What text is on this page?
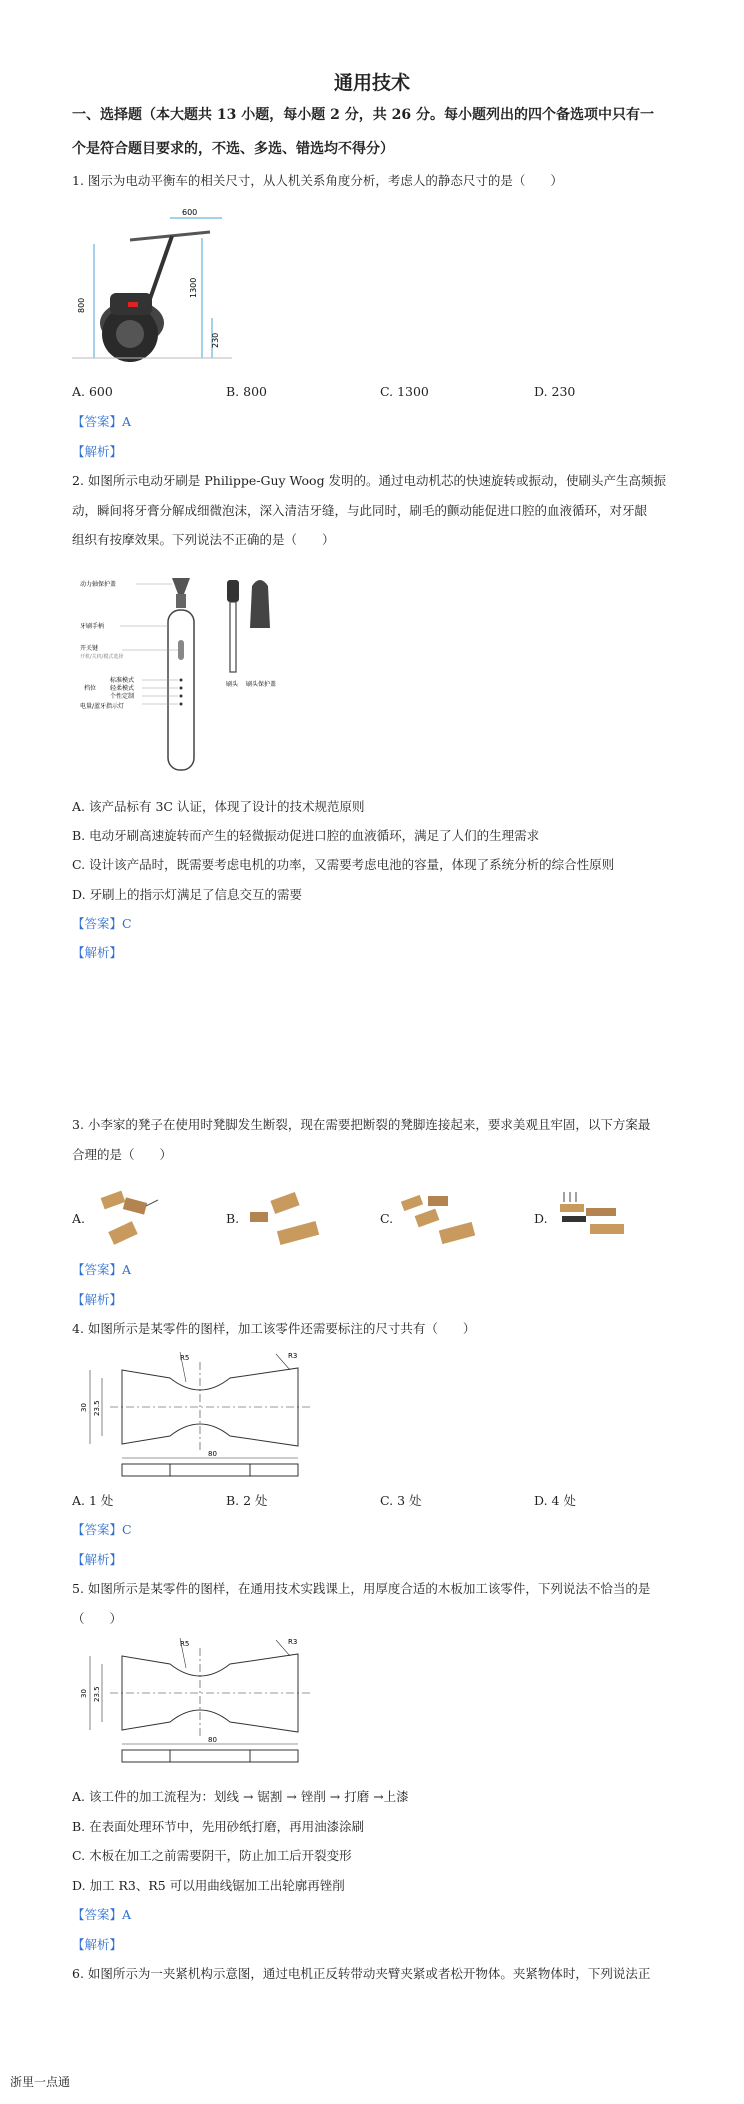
通用技术
一、选择题（本大题共 13 小题，每小题 2 分，共 26 分。每小题列出的四个备选项中只有一
个是符合题目要求的，不选、多选、错选均不得分）
1. 图示为电动平衡车的相关尺寸，从人机关系角度分析，考虑人的静态尺寸的是（　　）
600
800
1300
230
A. 600	B. 800	C. 1300	D. 230
【答案】A
【解析】
2. 如图所示电动牙刷是 Philippe-Guy Woog 发明的。通过电动机芯的快速旋转或振动，使刷头产生高频振
动，瞬间将牙膏分解成细微泡沫，深入清洁牙缝，与此同时，刷毛的颤动能促进口腔的血液循环，对牙龈
组织有按摩效果。下列说法不正确的是（　　）
动力轴保护盖
牙刷手柄
开关键
开机/关机/模式选择
档位
标准模式
轻柔模式
个性定制
电量/蓝牙指示灯
刷头 刷头保护盖
A. 该产品标有 3C 认证，体现了设计的技术规范原则
B. 电动牙刷高速旋转而产生的轻微振动促进口腔的血液循环，满足了人们的生理需求
C. 设计该产品时，既需要考虑电机的功率，又需要考虑电池的容量，体现了系统分析的综合性原则
D. 牙刷上的指示灯满足了信息交互的需要
【答案】C
【解析】
3. 小李家的凳子在使用时凳脚发生断裂，现在需要把断裂的凳脚连接起来，要求美观且牢固，以下方案最
合理的是（　　）
A.	B.	C.	D.
【答案】A
【解析】
4. 如图所示是某零件的图样，加工该零件还需要标注的尺寸共有（　　）
R5	R3
30 23.5
80
A. 1 处	B. 2 处	C. 3 处	D. 4 处
【答案】C
【解析】
5. 如图所示是某零件的图样，在通用技术实践课上，用厚度合适的木板加工该零件，下列说法不恰当的是
（　　）
R5	R3
30 23.5
80
A. 该工件的加工流程为：划线 → 锯割 → 锉削 → 打磨 →上漆
B. 在表面处理环节中，先用砂纸打磨，再用油漆涂刷
C. 木板在加工之前需要阴干，防止加工后开裂变形
D. 加工 R3、R5 可以用曲线锯加工出轮廓再锉削
【答案】A
【解析】
6. 如图所示为一夹紧机构示意图，通过电机正反转带动夹臂夹紧或者松开物体。夹紧物体时，下列说法正
浙里一点通
